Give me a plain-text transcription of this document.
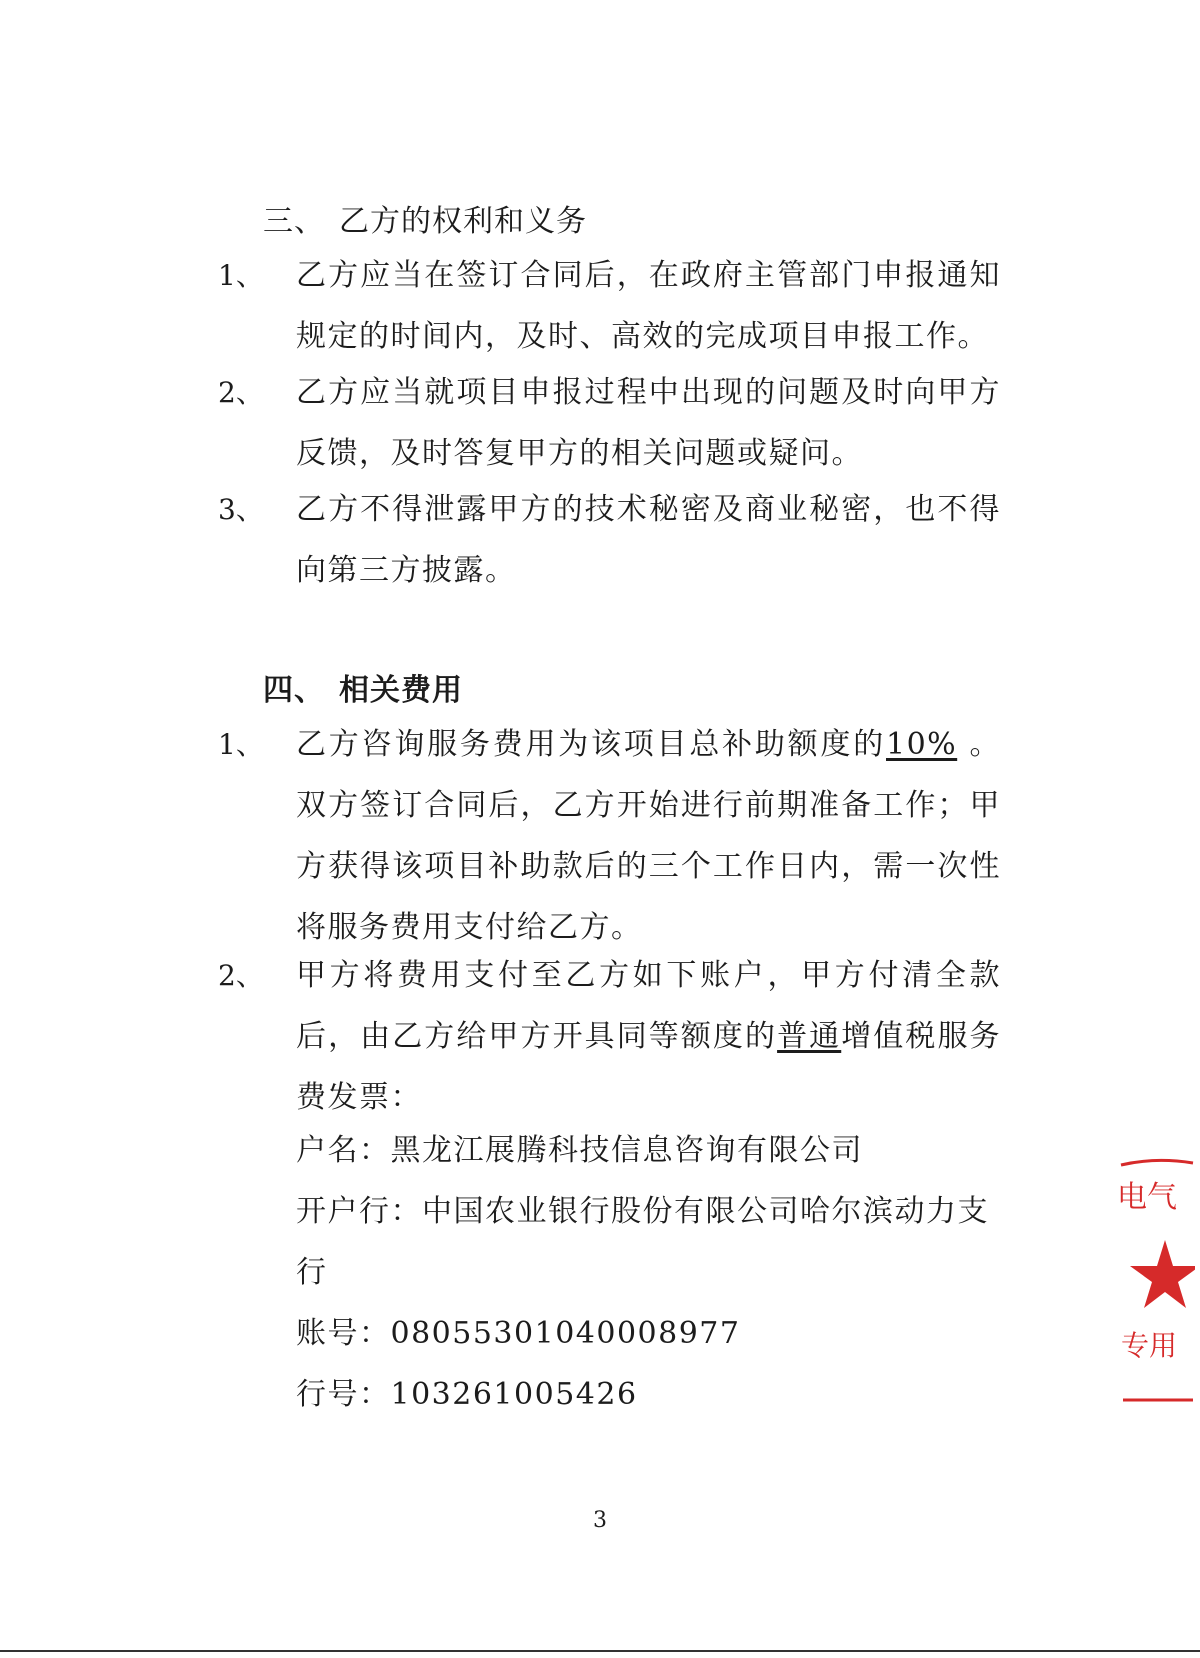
三、 乙方的权利和义务
1、 乙方应当在签订合同后，在政府主管部门申报通知规定的时间内，及时、高效的完成项目申报工作。
2、 乙方应当就项目申报过程中出现的问题及时向甲方反馈，及时答复甲方的相关问题或疑问。
3、 乙方不得泄露甲方的技术秘密及商业秘密，也不得向第三方披露。
四、 相关费用
1、 乙方咨询服务费用为该项目总补助额度的10% 。双方签订合同后，乙方开始进行前期准备工作；甲方获得该项目补助款后的三个工作日内，需一次性将服务费用支付给乙方。
2、 甲方将费用支付至乙方如下账户，甲方付清全款后，由乙方给甲方开具同等额度的普通增值税服务费发票：
户名：黑龙江展腾科技信息咨询有限公司
开户行：中国农业银行股份有限公司哈尔滨动力支
行
账号：08055301040008977
行号：103261005426
3
电气
专用
